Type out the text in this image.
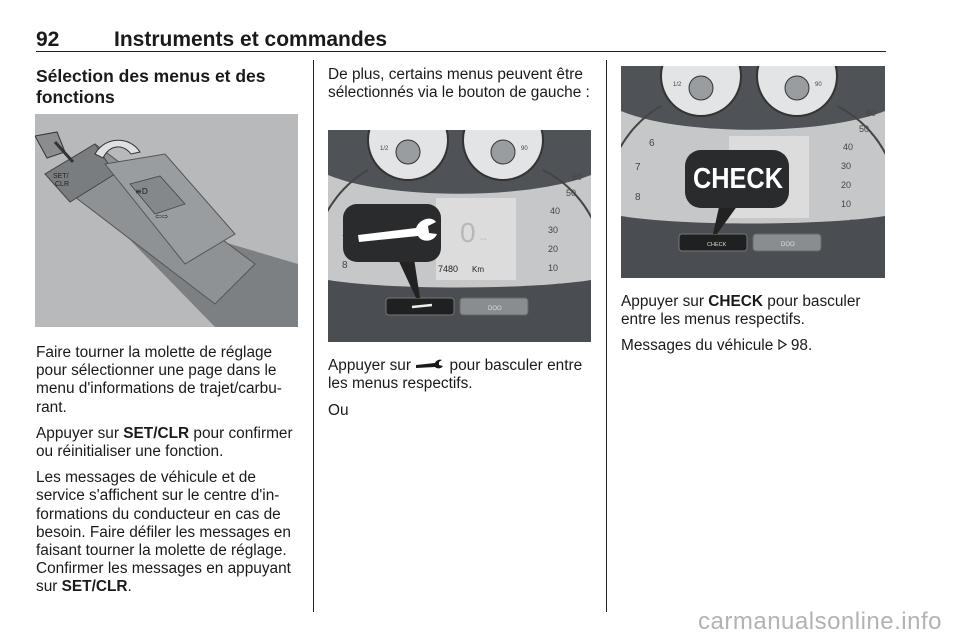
92	Instruments et commandes
Sélection des menus et des fonctions
SET/
CLR
≡D
⇦⇨

Faire tourner la molette de réglage pour sélectionner une page dans le menu d'informations de trajet/carburant.

Appuyer sur SET/CLR pour confirmer ou réinitialiser une fonction.

Les messages de véhicule et de service s'affichent sur le centre d'informations du conducteur en cas de besoin. Faire défiler les messages en faisant tourner la molette de réglage.

Confirmer les messages en appuyant sur SET/CLR.

De plus, certains menus peuvent être sélectionnés via le bouton de gauche :

1/2	90
60
50
40
30
20
10
8
0 --
7480 Km
DOO

Appuyer sur  pour basculer entre les menus respectifs.

Ou

1/2	90
60
50
40
30
20
10
6
7
8
CHECK	DOO
CHECK

Appuyer sur CHECK pour basculer entre les menus respectifs.

Messages du véhicule  98.

carmanualsonline.info
